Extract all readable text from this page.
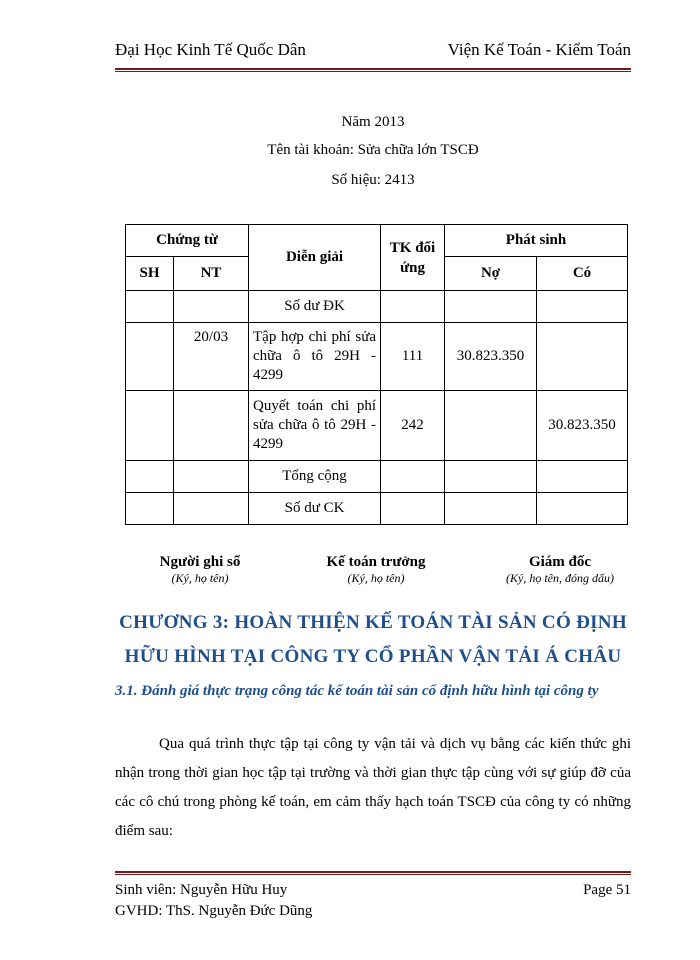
Đại Học Kinh Tế Quốc Dân	Viện Kế Toán - Kiểm Toán
Năm 2013
Tên tài khoản: Sửa chữa lớn TSCĐ
Số hiệu: 2413
Chứng từ		Diễn giải	TK đối ứng	Phát sinh	
SH	NT			Nợ	Có
		Số dư ĐK			
	20/03	Tập hợp chi phí sửa chữa ô tô 29H - 4299	111	30.823.350	
		Quyết toán chi phí sửa chữa ô tô 29H - 4299	242		30.823.350
		Tổng cộng			
		Số dư CK			
Người ghi sổ
(Ký, họ tên)
Kế toán trưởng
(Ký, họ tên)
Giám đốc
(Ký, họ tên, đóng dấu)
CHƯƠNG 3: HOÀN THIỆN KẾ TOÁN TÀI SẢN CÓ ĐỊNH
HỮU HÌNH TẠI CÔNG TY CỔ PHẦN VẬN TẢI Á CHÂU
3.1. Đánh giá thực trạng công tác kế toán tài sản cố định hữu hình tại công ty
Qua quá trình thực tập tại công ty vận tải và dịch vụ bằng các kiến thức ghi nhận trong thời gian học tập tại trường và thời gian thực tập cùng với sự giúp đỡ của các cô chú trong phòng kế toán, em cảm thấy hạch toán TSCĐ của công ty có những điểm sau:
Sinh viên: Nguyễn Hữu Huy
GVHD: ThS. Nguyễn Đức Dũng
Page 51
